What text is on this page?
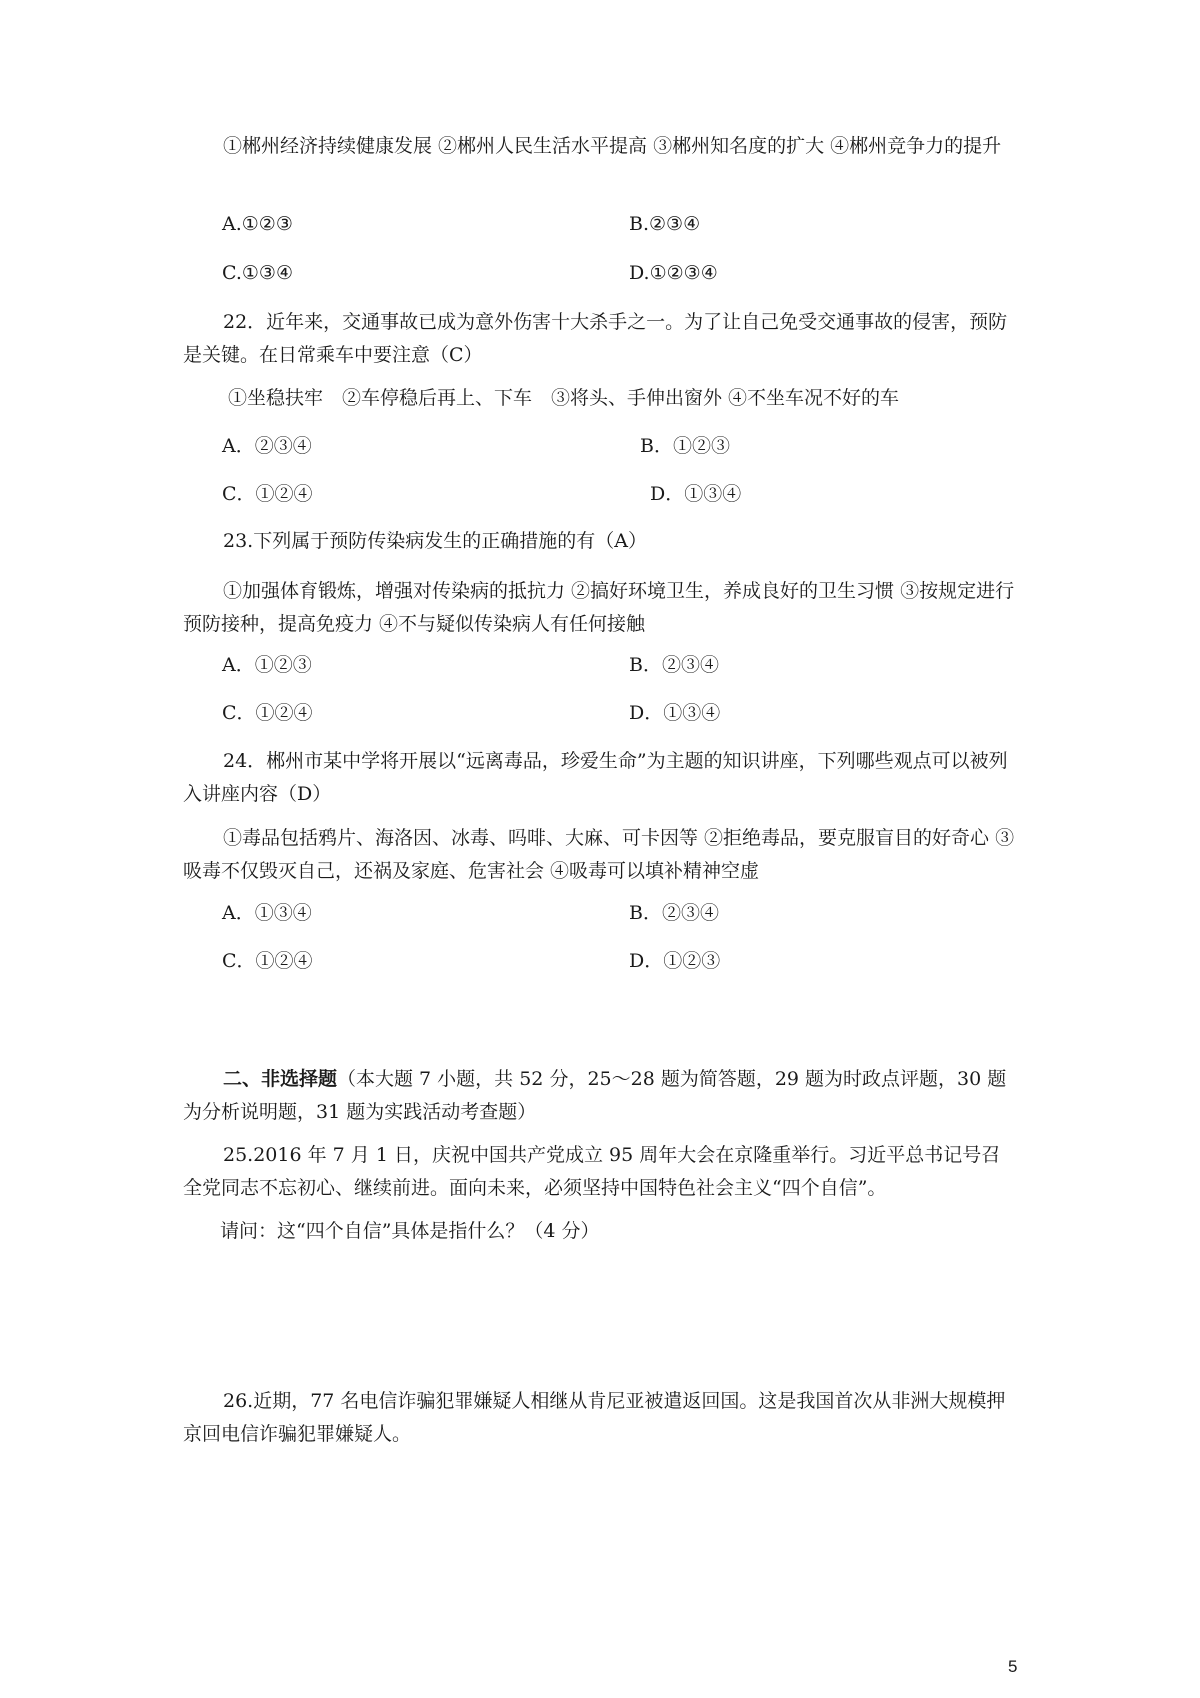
①郴州经济持续健康发展 ②郴州人民生活水平提高 ③郴州知名度的扩大 ④郴州竞争力的提升
A.①②③	B.②③④
C.①③④	D.①②③④
22．近年来，交通事故已成为意外伤害十大杀手之一。为了让自己免受交通事故的侵害，预防是关键。在日常乘车中要注意（C）
①坐稳扶牢　②车停稳后再上、下车　③将头、手伸出窗外 ④不坐车况不好的车
A．②③④	B．①②③
C．①②④	D．①③④
23.下列属于预防传染病发生的正确措施的有（A）
①加强体育锻炼，增强对传染病的抵抗力 ②搞好环境卫生，养成良好的卫生习惯 ③按规定进行预防接种，提高免疫力 ④不与疑似传染病人有任何接触
A．①②③	B．②③④
C．①②④	D．①③④
24．郴州市某中学将开展以“远离毒品，珍爱生命”为主题的知识讲座，下列哪些观点可以被列入讲座内容（D）
①毒品包括鸦片、海洛因、冰毒、吗啡、大麻、可卡因等 ②拒绝毒品，要克服盲目的好奇心 ③吸毒不仅毁灭自己，还祸及家庭、危害社会 ④吸毒可以填补精神空虚
A．①③④	B．②③④
C．①②④	D．①②③
二、非选择题（本大题 7 小题，共 52 分，25～28 题为简答题，29 题为时政点评题，30 题为分析说明题，31 题为实践活动考查题）
25.2016 年 7 月 1 日，庆祝中国共产党成立 95 周年大会在京隆重举行。习近平总书记号召全党同志不忘初心、继续前进。面向未来，必须坚持中国特色社会主义“四个自信”。
请问：这“四个自信”具体是指什么？（4 分）
26.近期，77 名电信诈骗犯罪嫌疑人相继从肯尼亚被遣返回国。这是我国首次从非洲大规模押京回电信诈骗犯罪嫌疑人。
5
